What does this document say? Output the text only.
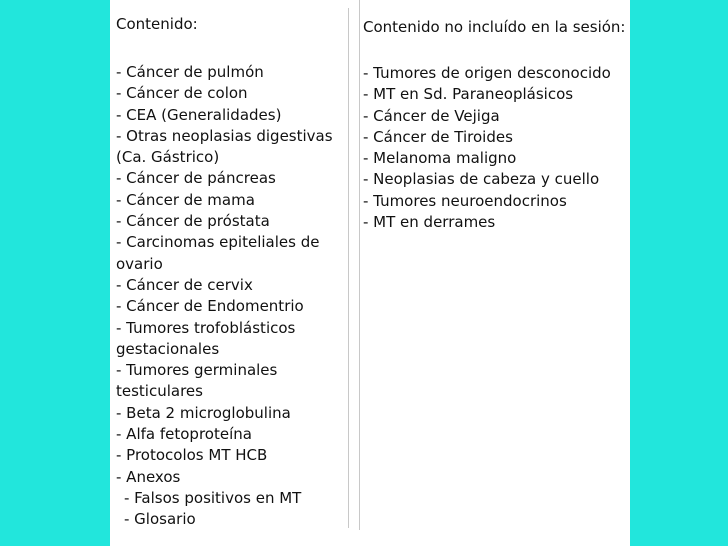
Contenido:

- Cáncer de pulmón
- Cáncer de colon
- CEA (Generalidades)
- Otras neoplasias digestivas
(Ca. Gástrico)
- Cáncer de páncreas
- Cáncer de mama
- Cáncer de próstata
- Carcinomas epiteliales de
ovario
- Cáncer de cervix
- Cáncer de Endomentrio
- Tumores trofoblásticos
gestacionales
- Tumores germinales
testiculares
- Beta 2 microglobulina
- Alfa fetoproteína
- Protocolos MT HCB
- Anexos
- Falsos positivos en MT
- Glosario

Contenido no incluído en la sesión:

- Tumores de origen desconocido
- MT en Sd. Paraneoplásicos
- Cáncer de Vejiga
- Cáncer de Tiroides
- Melanoma maligno
- Neoplasias de cabeza y cuello
- Tumores neuroendocrinos
- MT en derrames
